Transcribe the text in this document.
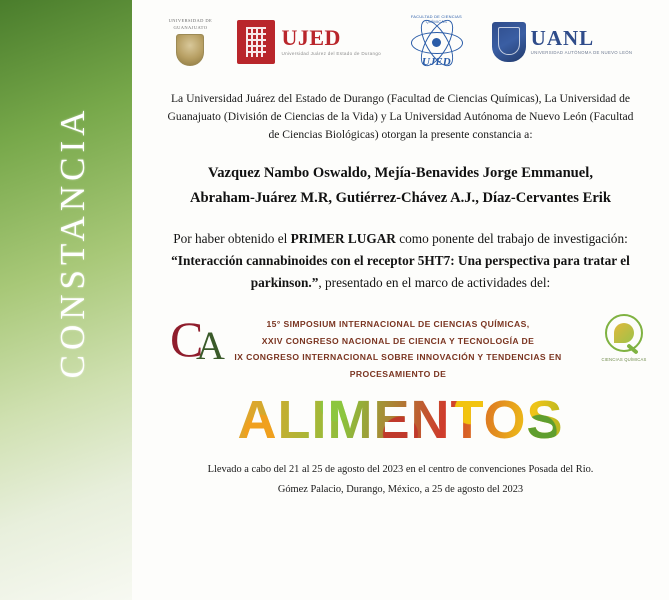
CONSTANCIA
UNIVERSIDAD DE
GUANAJUATO	UJED
Universidad Juárez del Estado de Durango
FACULTAD DE CIENCIAS QUÍMICAS
UJED
UANL
UNIVERSIDAD AUTÓNOMA DE NUEVO LEÓN
La Universidad Juárez del Estado de Durango (Facultad de Ciencias Químicas), La Universidad de Guanajuato (División de Ciencias de la Vida) y La Universidad Autónoma de Nuevo León (Facultad de Ciencias Biológicas) otorgan la presente constancia a:
Vazquez Nambo Oswaldo, Mejía-Benavides Jorge Emmanuel,
Abraham-Juárez M.R, Gutiérrez-Chávez A.J., Díaz-Cervantes Erik
Por haber obtenido el PRIMER LUGAR como ponente del trabajo de investigación: “Interacción cannabinoides con el receptor 5HT7: Una perspectiva para tratar el parkinson.”, presentado en el marco de actividades del:
C
A	15° SIMPOSIUM INTERNACIONAL DE CIENCIAS QUÍMICAS,
XXIV CONGRESO NACIONAL DE CIENCIA Y TECNOLOGÍA DE
IX CONGRESO INTERNACIONAL SOBRE INNOVACIÓN Y TENDENCIAS EN
PROCESAMIENTO DE
CIENCIAS QUÍMICAS
ALIMENTOS
Llevado a cabo del 21 al 25 de agosto del 2023 en el centro de convenciones Posada del Rio.
Gómez Palacio, Durango, México, a 25 de agosto del 2023
